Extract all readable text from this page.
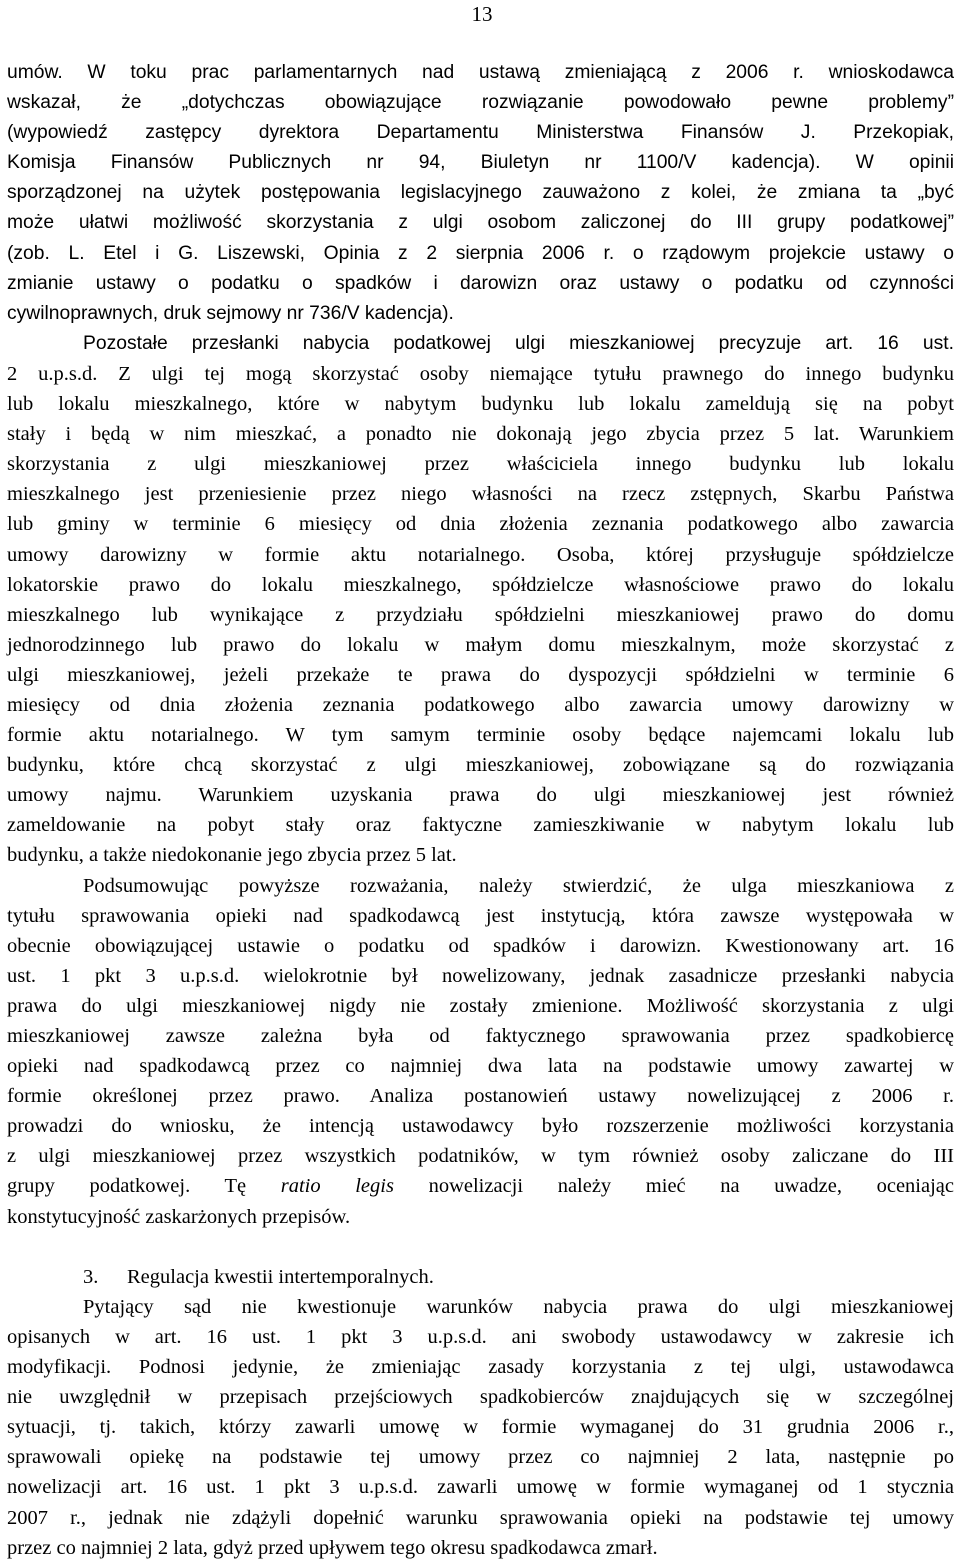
13
umów. W toku prac parlamentarnych nad ustawą zmieniającą z 2006 r. wnioskodawca
wskazał, że „dotychczas obowiązujące rozwiązanie powodowało pewne problemy”
(wypowiedź zastępcy dyrektora Departamentu Ministerstwa Finansów J. Przekopiak,
Komisja Finansów Publicznych nr 94, Biuletyn nr 1100/V kadencja). W opinii
sporządzonej na użytek postępowania legislacyjnego zauważono z kolei, że zmiana ta „być
może ułatwi możliwość skorzystania z ulgi osobom zaliczonej do III grupy podatkowej”
(zob. L. Etel i G. Liszewski, Opinia z 2 sierpnia 2006 r. o rządowym projekcie ustawy o
zmianie ustawy o podatku o spadków i darowizn oraz ustawy o podatku od czynności
cywilnoprawnych, druk sejmowy nr 736/V kadencja).
Pozostałe przesłanki nabycia podatkowej ulgi mieszkaniowej precyzuje art. 16 ust.
2 u.p.s.d. Z ulgi tej mogą skorzystać osoby niemające tytułu prawnego do innego budynku
lub lokalu mieszkalnego, które w nabytym budynku lub lokalu zameldują się na pobyt
stały i będą w nim mieszkać, a ponadto nie dokonają jego zbycia przez 5 lat. Warunkiem
skorzystania z ulgi mieszkaniowej przez właściciela innego budynku lub lokalu
mieszkalnego jest przeniesienie przez niego własności na rzecz zstępnych, Skarbu Państwa
lub gminy w terminie 6 miesięcy od dnia złożenia zeznania podatkowego albo zawarcia
umowy darowizny w formie aktu notarialnego. Osoba, której przysługuje spółdzielcze
lokatorskie prawo do lokalu mieszkalnego, spółdzielcze własnościowe prawo do lokalu
mieszkalnego lub wynikające z przydziału spółdzielni mieszkaniowej prawo do domu
jednorodzinnego lub prawo do lokalu w małym domu mieszkalnym, może skorzystać z
ulgi mieszkaniowej, jeżeli przekaże te prawa do dyspozycji spółdzielni w terminie 6
miesięcy od dnia złożenia zeznania podatkowego albo zawarcia umowy darowizny w
formie aktu notarialnego. W tym samym terminie osoby będące najemcami lokalu lub
budynku, które chcą skorzystać z ulgi mieszkaniowej, zobowiązane są do rozwiązania
umowy najmu. Warunkiem uzyskania prawa do ulgi mieszkaniowej jest również
zameldowanie na pobyt stały oraz faktyczne zamieszkiwanie w nabytym lokalu lub
budynku, a także niedokonanie jego zbycia przez 5 lat.
Podsumowując powyższe rozważania, należy stwierdzić, że ulga mieszkaniowa z
tytułu sprawowania opieki nad spadkodawcą jest instytucją, która zawsze występowała w
obecnie obowiązującej ustawie o podatku od spadków i darowizn. Kwestionowany art. 16
ust. 1 pkt 3 u.p.s.d. wielokrotnie był nowelizowany, jednak zasadnicze przesłanki nabycia
prawa do ulgi mieszkaniowej nigdy nie zostały zmienione. Możliwość skorzystania z ulgi
mieszkaniowej zawsze zależna była od faktycznego sprawowania przez spadkobiercę
opieki nad spadkodawcą przez co najmniej dwa lata na podstawie umowy zawartej w
formie określonej przez prawo. Analiza postanowień ustawy nowelizującej z 2006 r.
prowadzi do wniosku, że intencją ustawodawcy było rozszerzenie możliwości korzystania
z ulgi mieszkaniowej przez wszystkich podatników, w tym również osoby zaliczane do III
grupy podatkowej. Tę ratio legis nowelizacji należy mieć na uwadze, oceniając
konstytucyjność zaskarżonych przepisów.
3. Regulacja kwestii intertemporalnych.
Pytający sąd nie kwestionuje warunków nabycia prawa do ulgi mieszkaniowej
opisanych w art. 16 ust. 1 pkt 3 u.p.s.d. ani swobody ustawodawcy w zakresie ich
modyfikacji. Podnosi jedynie, że zmieniając zasady korzystania z tej ulgi, ustawodawca
nie uwzględnił w przepisach przejściowych spadkobierców znajdujących się w szczególnej
sytuacji, tj. takich, którzy zawarli umowę w formie wymaganej do 31 grudnia 2006 r.,
sprawowali opiekę na podstawie tej umowy przez co najmniej 2 lata, następnie po
nowelizacji art. 16 ust. 1 pkt 3 u.p.s.d. zawarli umowę w formie wymaganej od 1 stycznia
2007 r., jednak nie zdążyli dopełnić warunku sprawowania opieki na podstawie tej umowy
przez co najmniej 2 lata, gdyż przed upływem tego okresu spadkodawca zmarł.
